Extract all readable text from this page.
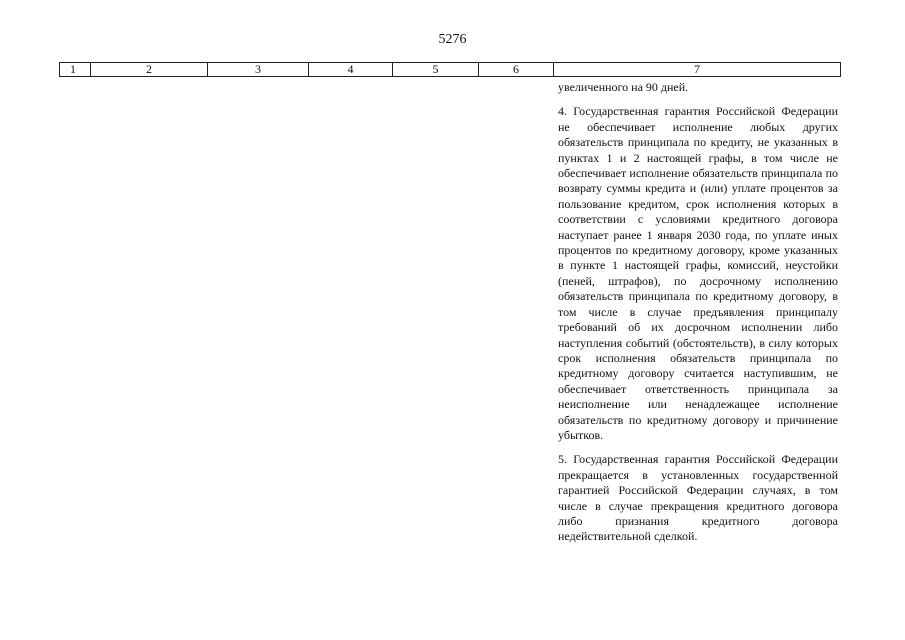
5276
1	2	3	4	5	6	7

увеличенного на 90 дней.

4. Государственная гарантия Российской Федерации не обеспечивает исполнение любых других обязательств принципала по кредиту, не указанных в пунктах 1 и 2 настоящей графы, в том числе не обеспечивает исполнение обязательств принципала по возврату суммы кредита и (или) уплате процентов за пользование кредитом, срок исполнения которых в соответствии с условиями кредитного договора наступает ранее 1 января 2030 года, по уплате иных процентов по кредитному договору, кроме указанных в пункте 1 настоящей графы, комиссий, неустойки (пеней, штрафов), по досрочному исполнению обязательств принципала по кредитному договору, в том числе в случае предъявления принципалу требований об их досрочном исполнении либо наступления событий (обстоятельств), в силу которых срок исполнения обязательств принципала по кредитному договору считается наступившим, не обеспечивает ответственность принципала за неисполнение или ненадлежащее исполнение обязательств по кредитному договору и причинение убытков.

5. Государственная гарантия Российской Федерации прекращается в установленных государственной гарантией Российской Федерации случаях, в том числе в случае прекращения кредитного договора либо признания кредитного договора недействительной сделкой.
